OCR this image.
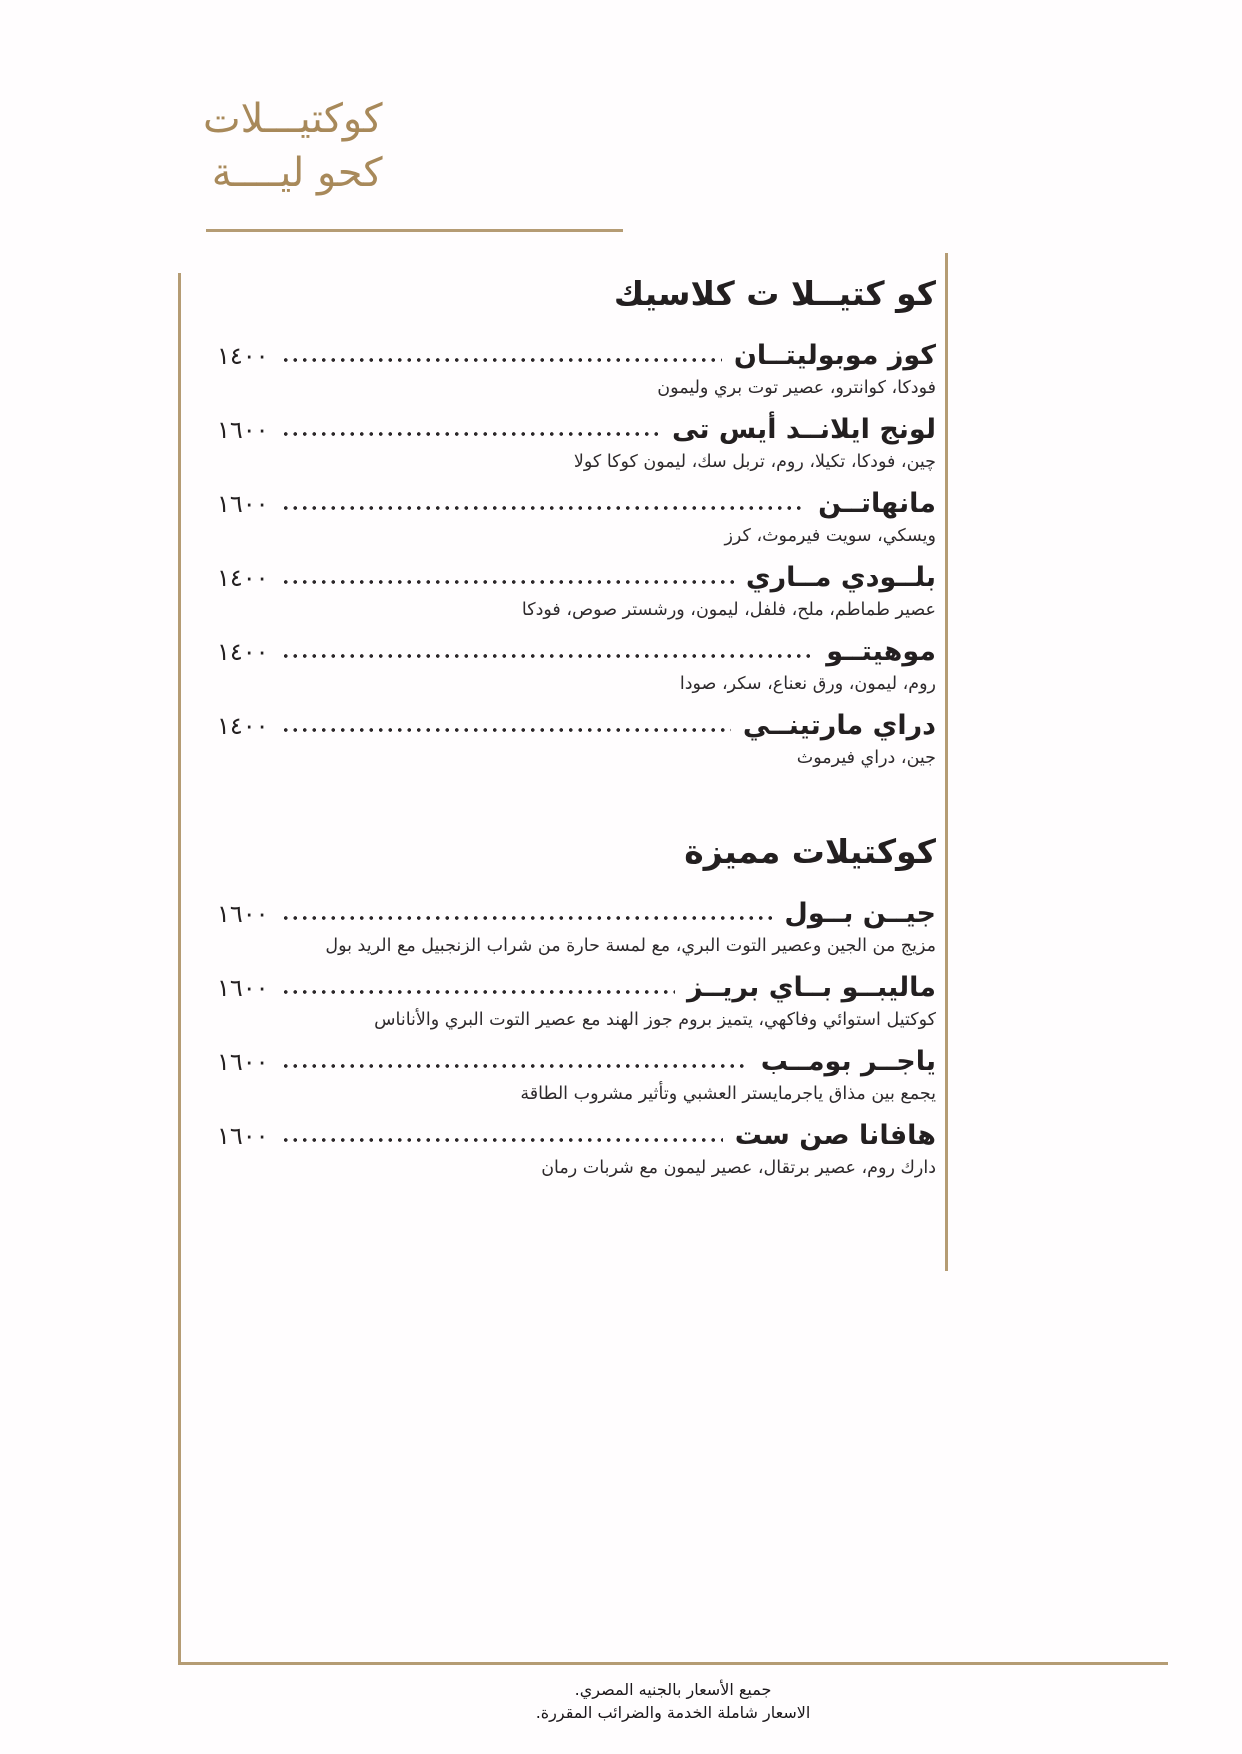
كوكتيـــلات
كحو ليــــة
كو كتيــلا ت كلاسيك
كوز موبوليتــان
١٤٠٠
فودكا، كوانترو، عصير توت بري وليمون
لونج ايلانــد أيس تى
١٦٠٠
چين، فودكا، تكيلا، روم، تربل سك، ليمون كوكا كولا
مانهاتــن
١٦٠٠
ويسكي، سويت فيرموث، كرز
بلــودي مــاري
١٤٠٠
عصير طماطم، ملح، فلفل، ليمون، ورشستر صوص، فودكا
موهيتــو
١٤٠٠
روم، ليمون، ورق نعناع، سكر، صودا
دراي مارتينــي
١٤٠٠
جين، دراي فيرموث
كوكتيلات مميزة
جيــن بــول
١٦٠٠
مزيج من الجين وعصير التوت البري، مع لمسة حارة من شراب الزنجبيل مع الريد بول
ماليبــو بــاي بريــز
١٦٠٠
كوكتيل استوائي وفاكهي، يتميز بروم جوز الهند مع عصير التوت البري والأناناس
ياجــر بومــب
١٦٠٠
يجمع بين مذاق ياجرمايستر العشبي وتأثير مشروب الطاقة
هافانا صن ست
١٦٠٠
دارك روم، عصير برتقال، عصير ليمون مع شربات رمان
جميع الأسعار بالجنيه المصري.
الاسعار شاملة الخدمة والضرائب المقررة.
